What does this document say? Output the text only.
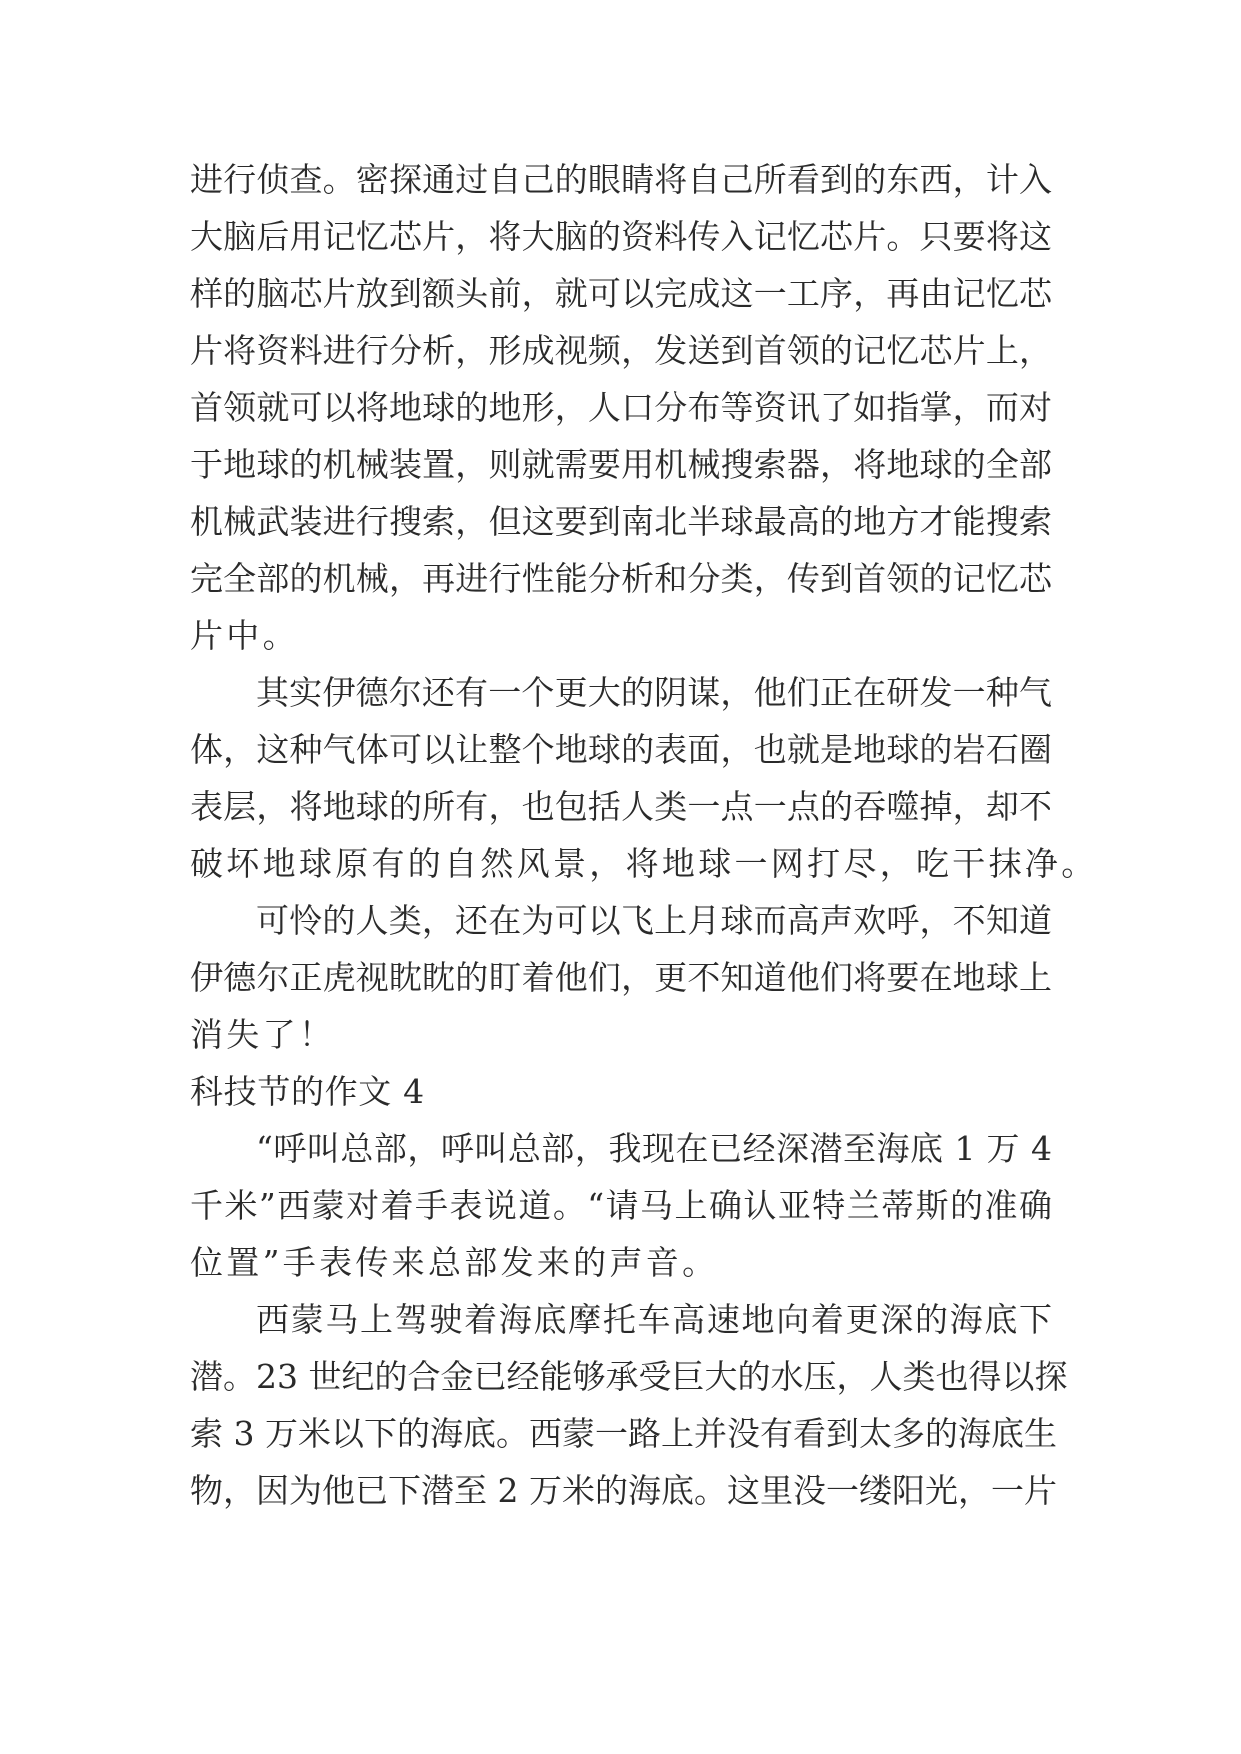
进行侦查。密探通过自己的眼睛将自己所看到的东西，计入
大脑后用记忆芯片，将大脑的资料传入记忆芯片。只要将这
样的脑芯片放到额头前，就可以完成这一工序，再由记忆芯
片将资料进行分析，形成视频，发送到首领的记忆芯片上，
首领就可以将地球的地形，人口分布等资讯了如指掌，而对
于地球的机械装置，则就需要用机械搜索器，将地球的全部
机械武装进行搜索，但这要到南北半球最高的地方才能搜索
完全部的机械，再进行性能分析和分类，传到首领的记忆芯
片中。
其实伊德尔还有一个更大的阴谋，他们正在研发一种气
体，这种气体可以让整个地球的表面，也就是地球的岩石圈
表层，将地球的所有，也包括人类一点一点的吞噬掉，却不
破坏地球原有的自然风景，将地球一网打尽，吃干抹净。
可怜的人类，还在为可以飞上月球而高声欢呼，不知道
伊德尔正虎视眈眈的盯着他们，更不知道他们将要在地球上
消失了！
科技节的作文 4
“呼叫总部，呼叫总部，我现在已经深潜至海底 1 万 4
千米”西蒙对着手表说道。“请马上确认亚特兰蒂斯的准确
位置”手表传来总部发来的声音。
西蒙马上驾驶着海底摩托车高速地向着更深的海底下
潜。23 世纪的合金已经能够承受巨大的水压，人类也得以探
索 3 万米以下的海底。西蒙一路上并没有看到太多的海底生
物，因为他已下潜至 2 万米的海底。这里没一缕阳光，一片
